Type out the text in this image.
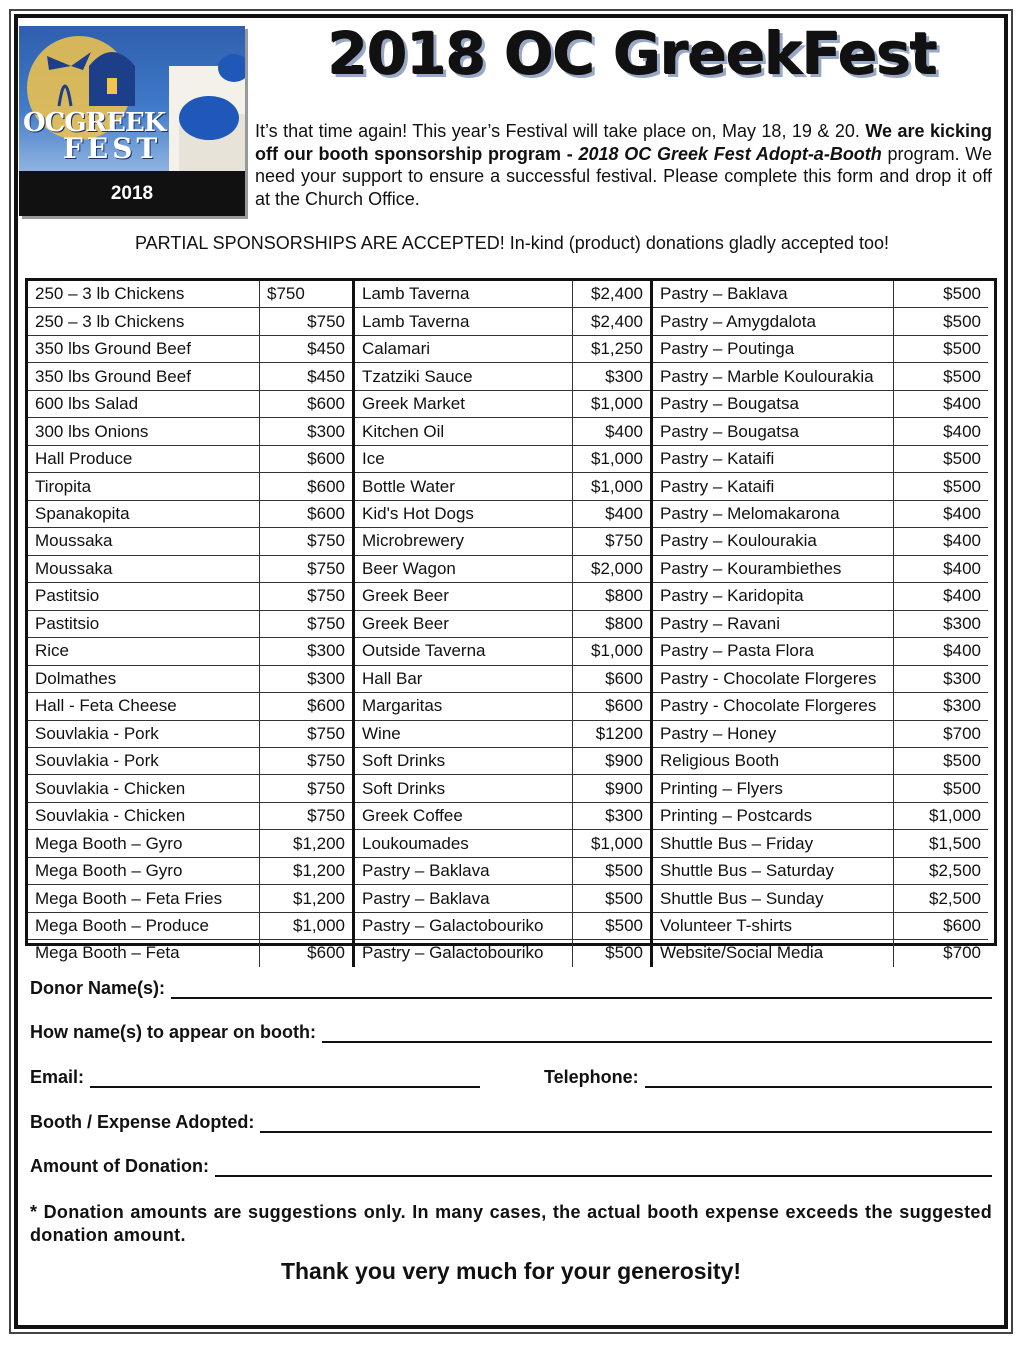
OCGREEK
FEST
2018
2018 OC GreekFest
It’s that time again! This year’s Festival will take place on, May 18, 19 & 20. We are kicking off our booth sponsorship program - 2018 OC Greek Fest Adopt-a-Booth program. We need your support to ensure a successful festival. Please complete this form and drop it off at the Church Office.
PARTIAL SPONSORSHIPS ARE ACCEPTED! In-kind (product) donations gladly accepted too!
250 – 3 lb Chickens	$750
250 – 3 lb Chickens	$750
350 lbs Ground Beef	$450
350 lbs Ground Beef	$450
600 lbs Salad	$600
300 lbs Onions	$300
Hall Produce	$600
Tiropita	$600
Spanakopita	$600
Moussaka	$750
Moussaka	$750
Pastitsio	$750
Pastitsio	$750
Rice	$300
Dolmathes	$300
Hall - Feta Cheese	$600
Souvlakia - Pork	$750
Souvlakia - Pork	$750
Souvlakia - Chicken	$750
Souvlakia - Chicken	$750
Mega Booth – Gyro	$1,200
Mega Booth – Gyro	$1,200
Mega Booth – Feta Fries	$1,200
Mega Booth – Produce	$1,000
Mega Booth – Feta	$600
Lamb Taverna	$2,400
Lamb Taverna	$2,400
Calamari	$1,250
Tzatziki Sauce	$300
Greek Market	$1,000
Kitchen Oil	$400
Ice	$1,000
Bottle Water	$1,000
Kid's Hot Dogs	$400
Microbrewery	$750
Beer Wagon	$2,000
Greek Beer	$800
Greek Beer	$800
Outside Taverna	$1,000
Hall Bar	$600
Margaritas	$600
Wine	$1200
Soft Drinks	$900
Soft Drinks	$900
Greek Coffee	$300
Loukoumades	$1,000
Pastry – Baklava	$500
Pastry – Baklava	$500
Pastry – Galactobouriko	$500
Pastry – Galactobouriko	$500
Pastry – Baklava	$500
Pastry – Amygdalota	$500
Pastry – Poutinga	$500
Pastry – Marble Koulourakia	$500
Pastry – Bougatsa	$400
Pastry – Bougatsa	$400
Pastry – Kataifi	$500
Pastry – Kataifi	$500
Pastry – Melomakarona	$400
Pastry – Koulourakia	$400
Pastry – Kourambiethes	$400
Pastry – Karidopita	$400
Pastry – Ravani	$300
Pastry – Pasta Flora	$400
Pastry - Chocolate Florgeres	$300
Pastry - Chocolate Florgeres	$300
Pastry – Honey	$700
Religious Booth	$500
Printing – Flyers	$500
Printing – Postcards	$1,000
Shuttle Bus – Friday	$1,500
Shuttle Bus – Saturday	$2,500
Shuttle Bus – Sunday	$2,500
Volunteer T-shirts	$600
Website/Social Media	$700
Donor Name(s):
How name(s) to appear on booth:
Email:	Telephone:
Booth / Expense Adopted:
Amount of Donation:
* Donation amounts are suggestions only. In many cases, the actual booth expense exceeds the suggested donation amount.
Thank you very much for your generosity!
